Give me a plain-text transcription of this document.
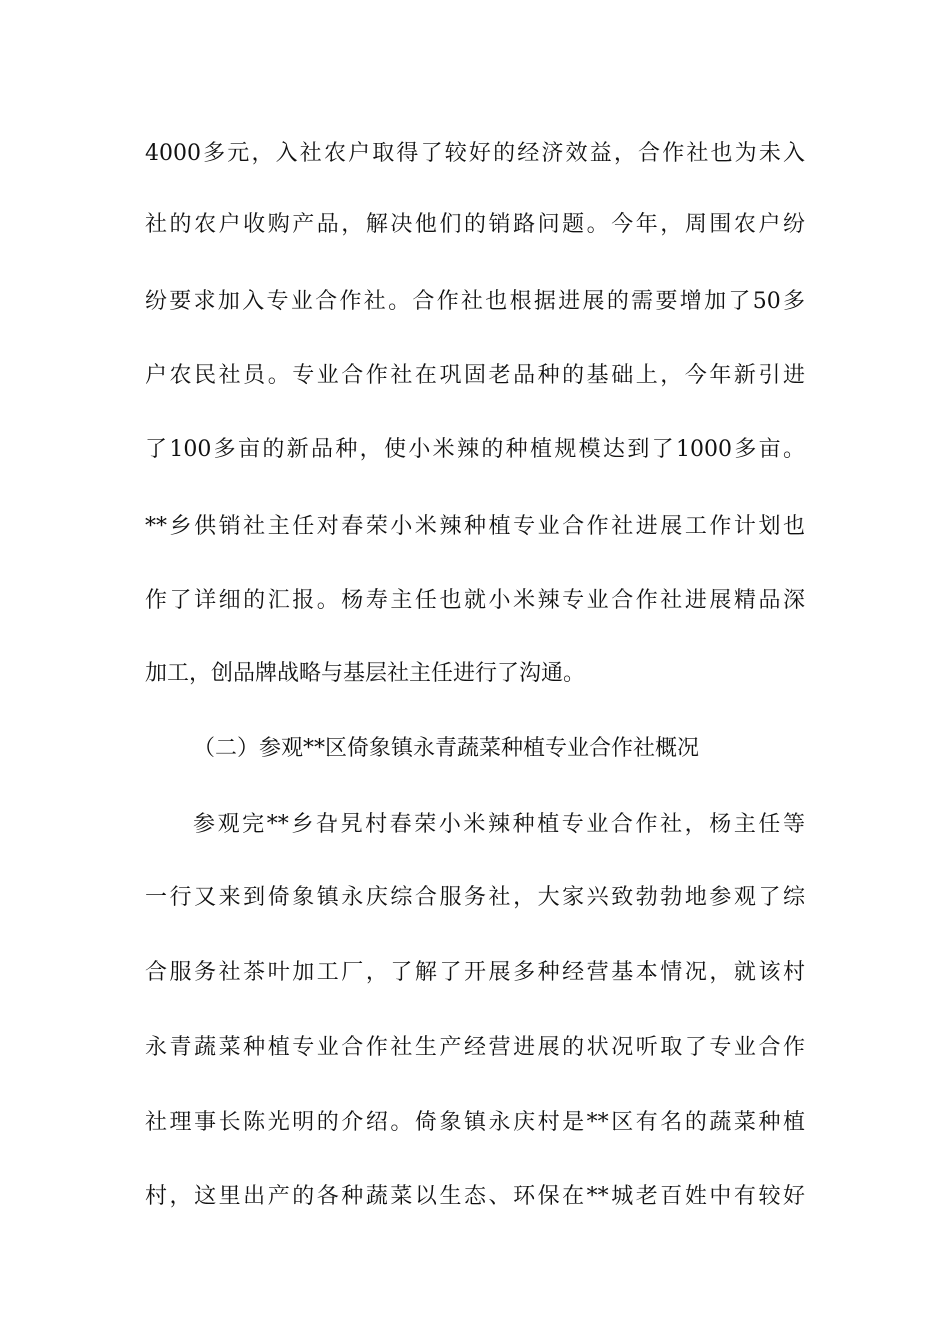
4000多元，入社农户取得了较好的经济效益，合作社也为未入
社的农户收购产品，解决他们的销路问题。今年，周围农户纷
纷要求加入专业合作社。合作社也根据进展的需要增加了50多
户农民社员。专业合作社在巩固老品种的基础上，今年新引进
了100多亩的新品种，使小米辣的种植规模达到了1000多亩。
**乡供销社主任对春荣小米辣种植专业合作社进展工作计划也
作了详细的汇报。杨寿主任也就小米辣专业合作社进展精品深
加工，创品牌战略与基层社主任进行了沟通。
（二）参观**区倚象镇永青蔬菜种植专业合作社概况
参观完**乡旮旯村春荣小米辣种植专业合作社，杨主任等
一行又来到倚象镇永庆综合服务社，大家兴致勃勃地参观了综
合服务社茶叶加工厂，了解了开展多种经营基本情况，就该村
永青蔬菜种植专业合作社生产经营进展的状况听取了专业合作
社理事长陈光明的介绍。倚象镇永庆村是**区有名的蔬菜种植
村，这里出产的各种蔬菜以生态、环保在**城老百姓中有较好
